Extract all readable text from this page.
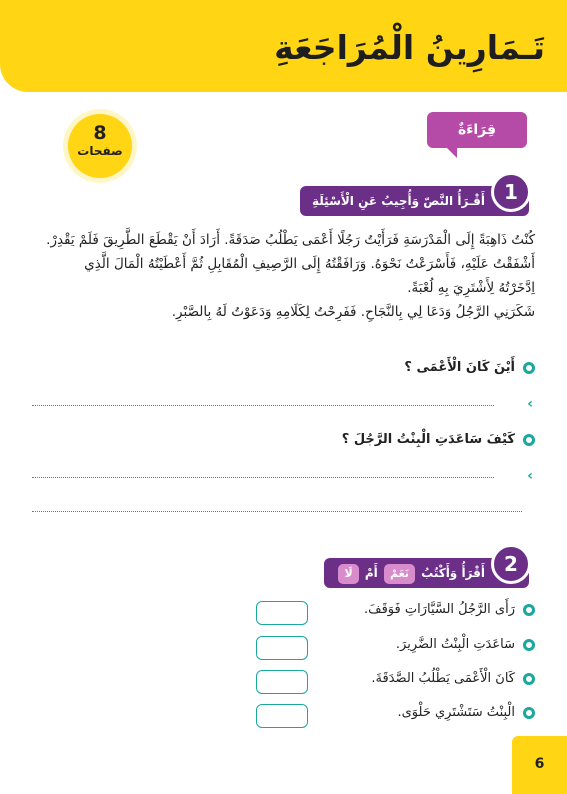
تَـمَارِينُ الْمُرَاجَعَةِ
8
صفحات
قِرَاءَةٌ
أَقْـرَأُ النَّصّ وَأُجِيبُ عَنِ الْأَسْئِلَةِ 1

كُنْتُ ذَاهِبَةً إِلَى الْمَدْرَسَةِ فَرَأَيْتُ رَجُلًا أَعْمَى يَطْلُبُ صَدَقَةً. أَرَادَ أَنْ يَقْطَعَ الطَّرِيقَ فَلَمْ يَقْدِرْ.

أَشْفَقْتُ عَلَيْهِ، فَأَسْرَعْتُ نَحْوَهُ. وَرَافَقْتُهُ إِلَى الرَّصِيفِ الْمُقَابِلِ ثُمَّ أَعْطَيْتُهُ الْمَالَ الَّذِي

اِدَّخَرْتُهُ لِأَشْتَرِيَ بِهِ لُعْبَةً.

شَكَرَنِي الرَّجُلُ وَدَعَا لِي بِالنَّجَاحِ. فَفَرِحْتُ لِكَلَامِهِ وَدَعَوْتُ لَهُ بِالصَّبْرِ.

أَيْنَ كَانَ الْأَعْمَى ؟
‹
كَيْفَ سَاعَدَتِ الْبِنْتُ الرَّجُلَ ؟
‹
أَقْرَأُ وَأَكْتُبُ نَعَمْ أَمْ لَا	2
رَأَى الرَّجُلُ السَّيَّارَاتِ فَوَقَفَ.
سَاعَدَتِ الْبِنْتُ الضَّرِيرَ.
كَانَ الْأَعْمَى يَطْلُبُ الصَّدَقَةَ.
الْبِنْتُ سَتَشْتَرِي حَلْوَى.
6
